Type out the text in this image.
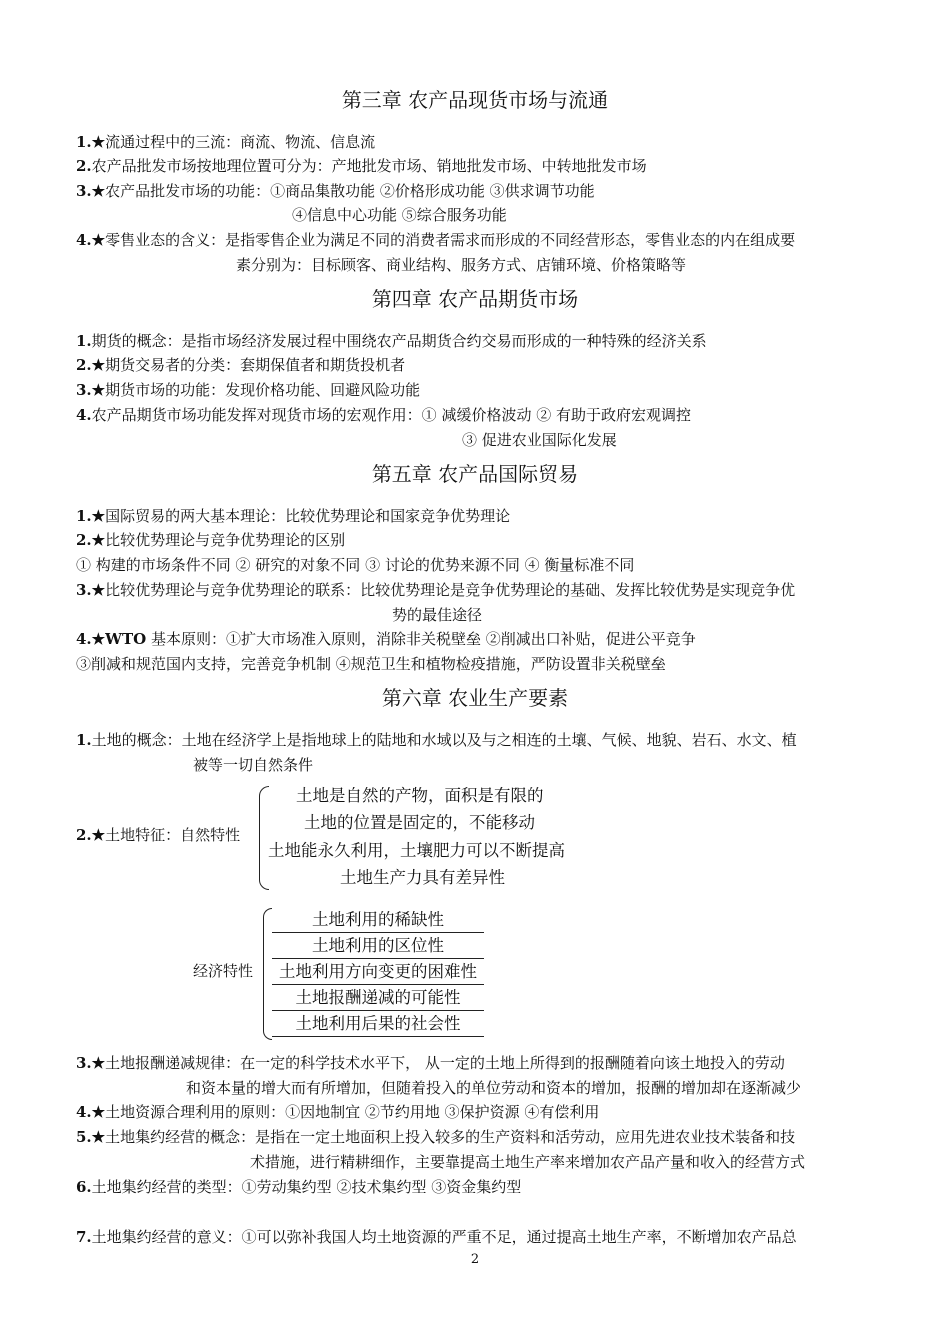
第三章 农产品现货市场与流通
1.★流通过程中的三流：商流、物流、信息流
2.农产品批发市场按地理位置可分为：产地批发市场、销地批发市场、中转地批发市场
3.★农产品批发市场的功能：①商品集散功能 ②价格形成功能 ③供求调节功能
④信息中心功能 ⑤综合服务功能
4.★零售业态的含义：是指零售企业为满足不同的消费者需求而形成的不同经营形态，零售业态的内在组成要
素分别为：目标顾客、商业结构、服务方式、店铺环境、价格策略等
第四章 农产品期货市场
1.期货的概念：是指市场经济发展过程中围绕农产品期货合约交易而形成的一种特殊的经济关系
2.★期货交易者的分类：套期保值者和期货投机者
3.★期货市场的功能：发现价格功能、回避风险功能
4.农产品期货市场功能发挥对现货市场的宏观作用：① 减缓价格波动 ② 有助于政府宏观调控
③ 促进农业国际化发展
第五章 农产品国际贸易
1.★国际贸易的两大基本理论：比较优势理论和国家竞争优势理论
2.★比较优势理论与竞争优势理论的区别
① 构建的市场条件不同 ② 研究的对象不同 ③ 讨论的优势来源不同 ④ 衡量标准不同
3.★比较优势理论与竞争优势理论的联系：比较优势理论是竞争优势理论的基础、发挥比较优势是实现竞争优
势的最佳途径
4.★WTO 基本原则：①扩大市场准入原则，消除非关税壁垒 ②削减出口补贴，促进公平竞争
③削减和规范国内支持，完善竞争机制 ④规范卫生和植物检疫措施，严防设置非关税壁垒
第六章 农业生产要素
1.土地的概念：土地在经济学上是指地球上的陆地和水域以及与之相连的土壤、气候、地貌、岩石、水文、植
被等一切自然条件
2.★土地特征：自然特性
土地是自然的产物，面积是有限的
土地的位置是固定的，不能移动
土地能永久利用，土壤肥力可以不断提高
土地生产力具有差异性
经济特性
土地利用的稀缺性
土地利用的区位性
土地利用方向变更的困难性
土地报酬递减的可能性
土地利用后果的社会性
3.★土地报酬递减规律：在一定的科学技术水平下， 从一定的土地上所得到的报酬随着向该土地投入的劳动
和资本量的增大而有所增加，但随着投入的单位劳动和资本的增加，报酬的增加却在逐渐减少
4.★土地资源合理利用的原则：①因地制宜 ②节约用地 ③保护资源 ④有偿利用
5.★土地集约经营的概念：是指在一定土地面积上投入较多的生产资料和活劳动，应用先进农业技术装备和技
术措施，进行精耕细作，主要靠提高土地生产率来增加农产品产量和收入的经营方式
6.土地集约经营的类型：①劳动集约型 ②技术集约型 ③资金集约型
7.土地集约经营的意义：①可以弥补我国人均土地资源的严重不足，通过提高土地生产率，不断增加农产品总
2
